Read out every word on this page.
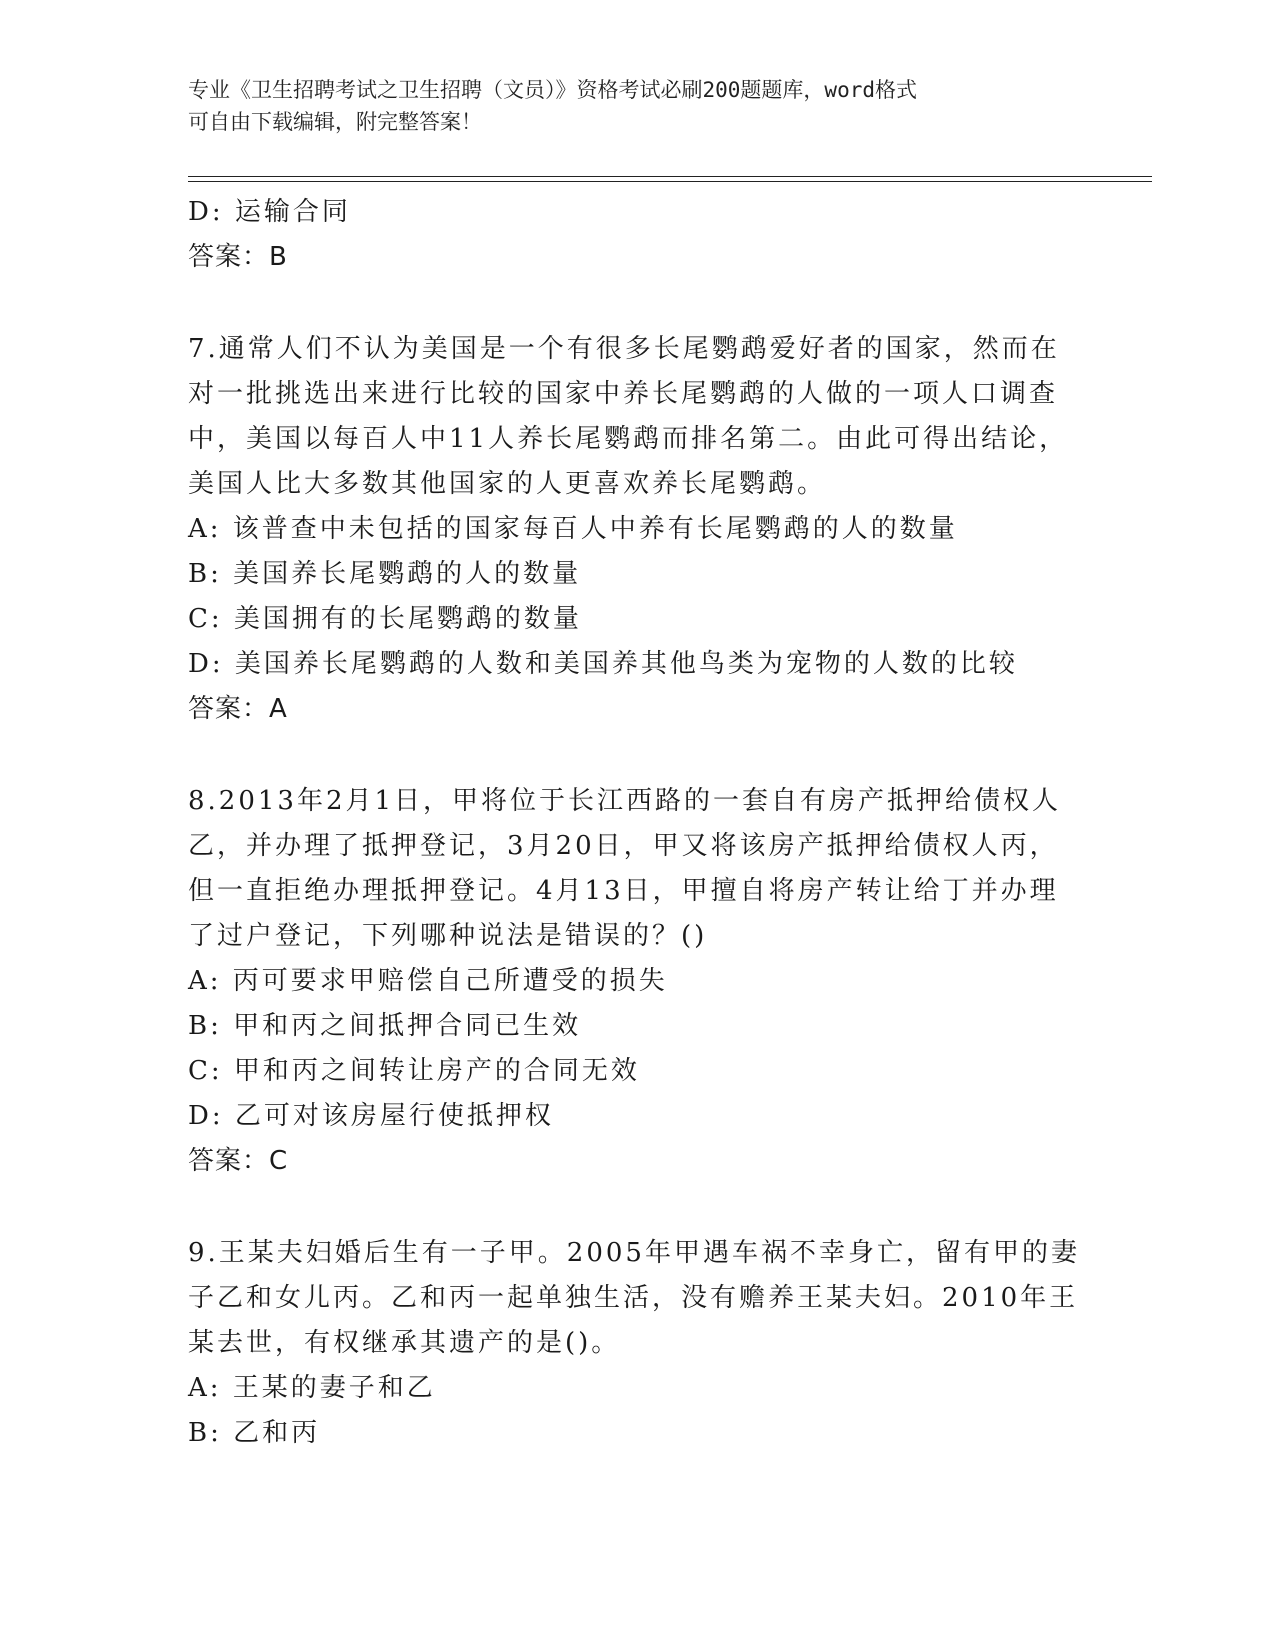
专业《卫生招聘考试之卫生招聘（文员）》资格考试必刷200题题库，word格式
可自由下载编辑，附完整答案！
D: 运输合同
答案：B
7.通常人们不认为美国是一个有很多长尾鹦鹉爱好者的国家，然而在
对一批挑选出来进行比较的国家中养长尾鹦鹉的人做的一项人口调查
中，美国以每百人中11人养长尾鹦鹉而排名第二。由此可得出结论，
美国人比大多数其他国家的人更喜欢养长尾鹦鹉。
A: 该普查中未包括的国家每百人中养有长尾鹦鹉的人的数量
B: 美国养长尾鹦鹉的人的数量
C: 美国拥有的长尾鹦鹉的数量
D: 美国养长尾鹦鹉的人数和美国养其他鸟类为宠物的人数的比较
答案：A
8.2013年2月1日，甲将位于长江西路的一套自有房产抵押给债权人
乙，并办理了抵押登记，3月20日，甲又将该房产抵押给债权人丙，
但一直拒绝办理抵押登记。4月13日，甲擅自将房产转让给丁并办理
了过户登记，下列哪种说法是错误的？()
A: 丙可要求甲赔偿自己所遭受的损失
B: 甲和丙之间抵押合同已生效
C: 甲和丙之间转让房产的合同无效
D: 乙可对该房屋行使抵押权
答案：C
9.王某夫妇婚后生有一子甲。2005年甲遇车祸不幸身亡，留有甲的妻
子乙和女儿丙。乙和丙一起单独生活，没有赡养王某夫妇。2010年王
某去世，有权继承其遗产的是()。
A: 王某的妻子和乙
B: 乙和丙
